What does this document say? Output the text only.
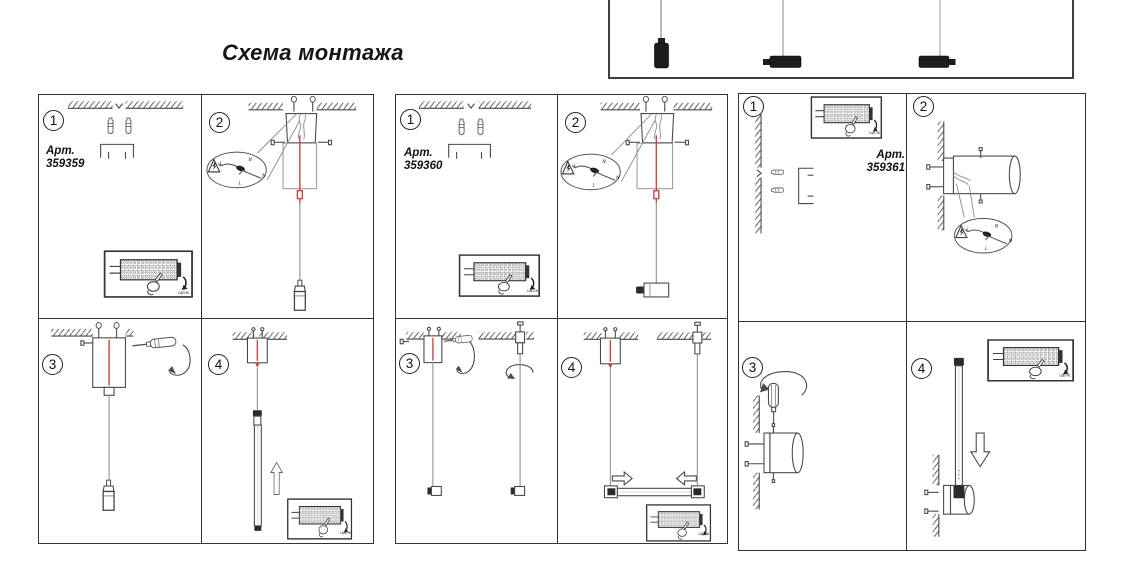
Схема монтажа
1
Арт.
359359
ЩЕЛК.
2
L
N
L
N
3	4
ЩЕЛК.
1
Арт.
359360
ЩЕЛК.
2
L
N
L
N
3	4
ЩЕЛК.
1
Арт.
359361
ЩЕЛК.
2
L
N
L
N
3	4	ЩЕЛК.
